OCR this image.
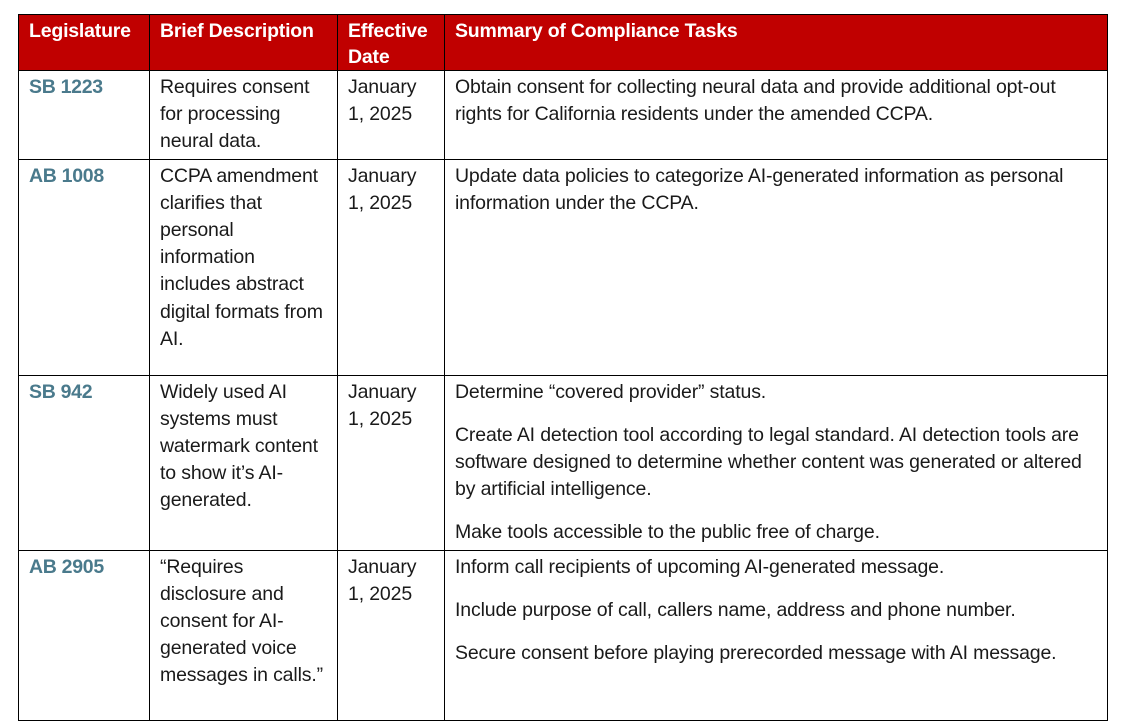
Legislature	Brief Description	Effective Date	Summary of Compliance Tasks
SB 1223	Requires consent for processing neural data.	January 1, 2025	Obtain consent for collecting neural data and provide additional opt-out rights for California residents under the amended CCPA.

AB 1008	CCPA amendment clarifies that personal information includes abstract digital formats from AI.	January 1, 2025	Update data policies to categorize AI-generated information as personal information under the CCPA.

SB 942	Widely used AI systems must watermark content to show it’s AI-generated.	January 1, 2025	Determine “covered provider” status.
Create AI detection tool according to legal standard. AI detection tools are software designed to determine whether content was generated or altered by artificial intelligence.
Make tools accessible to the public free of charge.

AB 2905	“Requires disclosure and consent for AI-generated voice messages in calls.”	January 1, 2025	Inform call recipients of upcoming AI-generated message.
Include purpose of call, callers name, address and phone number.
Secure consent before playing prerecorded message with AI message.
